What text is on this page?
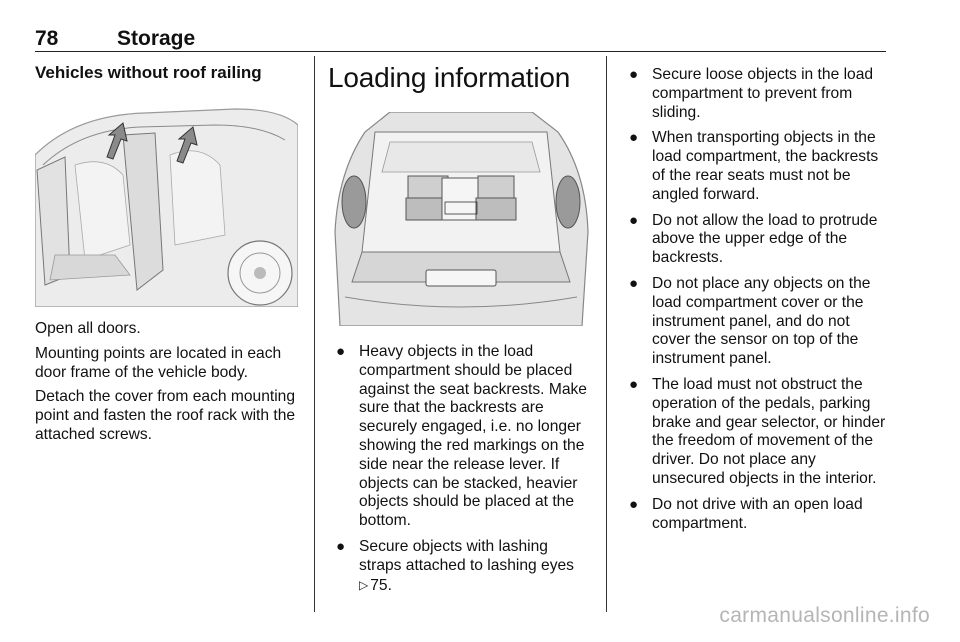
78	Storage
Vehicles without roof railing

Open all doors.

Mounting points are located in each door frame of the vehicle body.

Detach the cover from each mounting point and fasten the roof rack with the attached screws.

Loading information
● Heavy objects in the load compartment should be placed against the seat backrests. Make sure that the backrests are securely engaged, i.e. no longer showing the red markings on the side near the release lever. If objects can be stacked, heavier objects should be placed at the bottom.
● Secure objects with lashing straps attached to lashing eyes
▷ 75.
● Secure loose objects in the load compartment to prevent from sliding.
● When transporting objects in the load compartment, the backrests of the rear seats must not be angled forward.
● Do not allow the load to protrude above the upper edge of the backrests.
● Do not place any objects on the load compartment cover or the instrument panel, and do not cover the sensor on top of the instrument panel.
● The load must not obstruct the operation of the pedals, parking brake and gear selector, or hinder the freedom of movement of the driver. Do not place any unsecured objects in the interior.
● Do not drive with an open load compartment.
carmanualsonline.info
